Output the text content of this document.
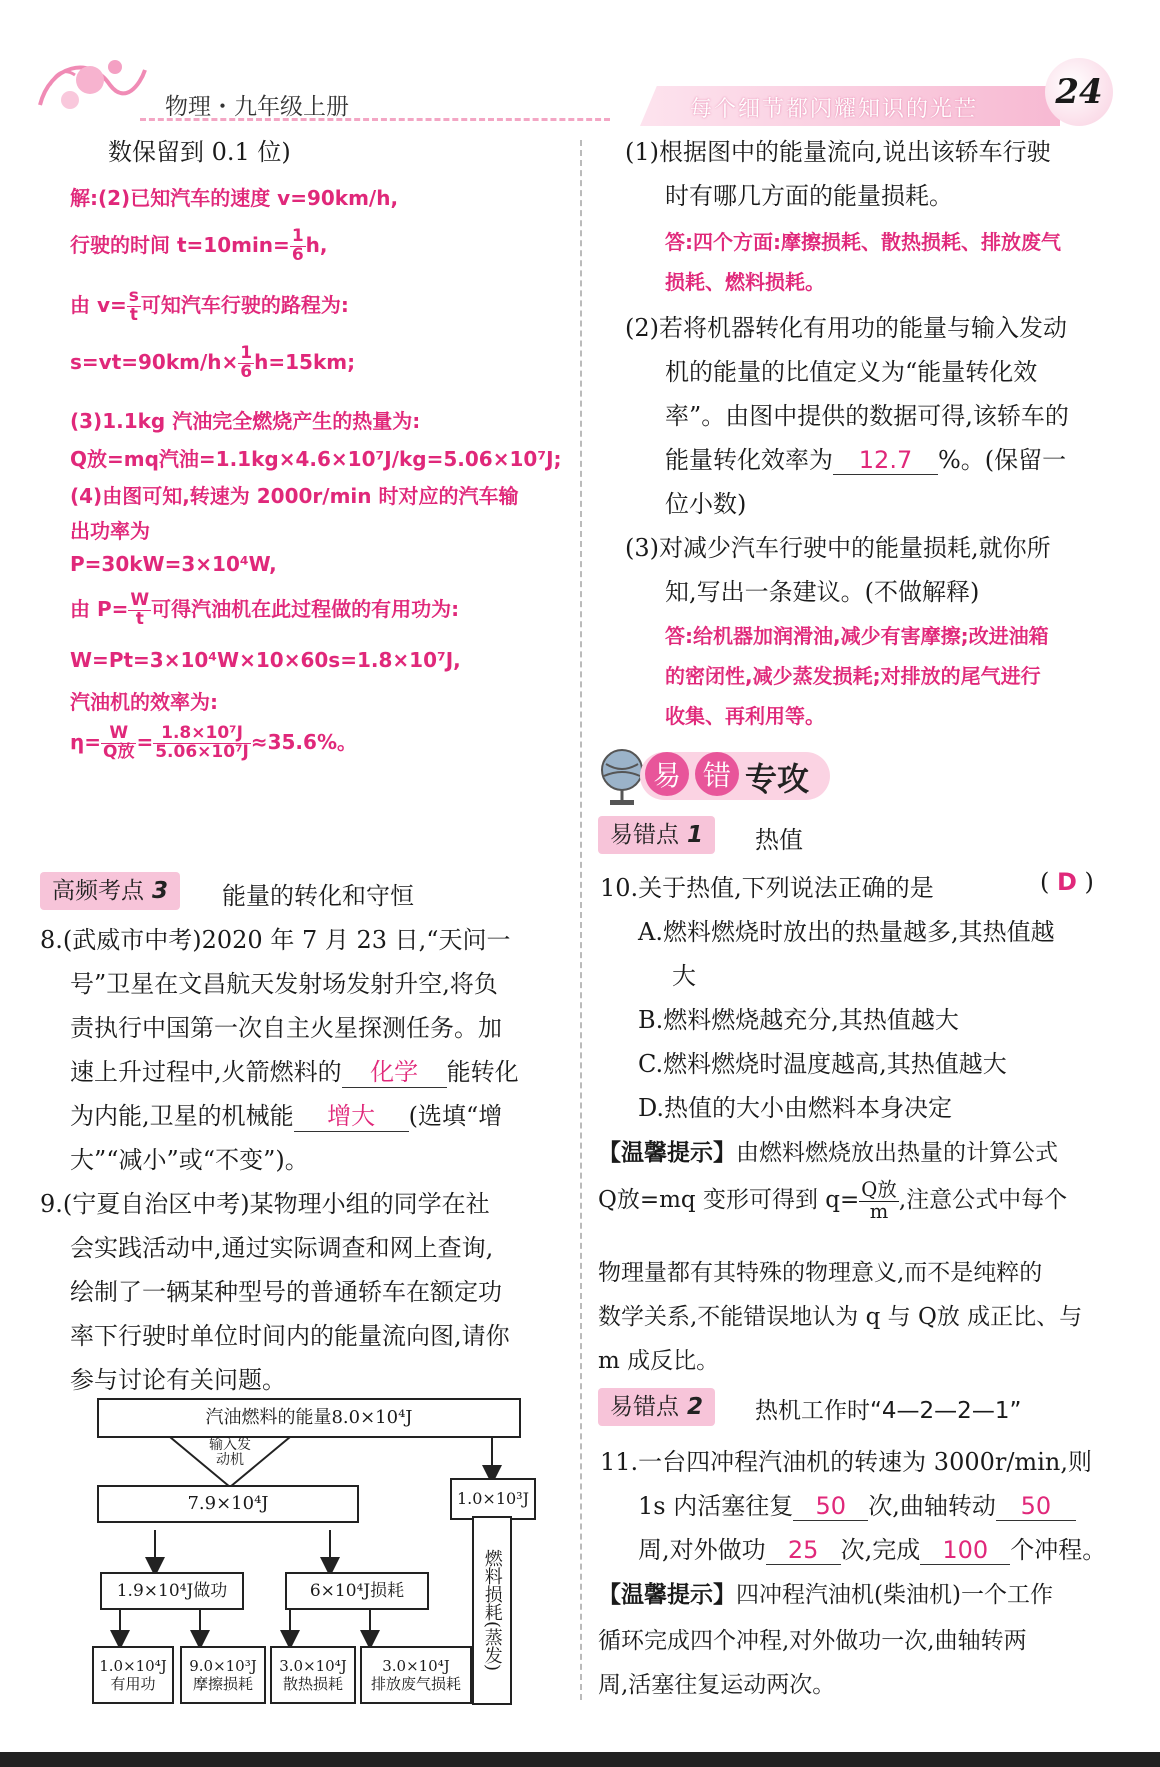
物理・九年级上册	每个细节都闪耀知识的光芒	24
数保留到 0.1 位)
解:(2)已知汽车的速度 v=90km/h,
行驶的时间 $t=10\min= \frac{1}{6} h$,
由 $v= \frac{s}{t}$ 可知汽车行驶的路程为:
$s=vt=90km/h\times \frac{1}{6} h=15km$;
(3)1.1kg 汽油完全燃烧产生的热量为:
Q放=mq汽油=1.1kg×4.6×10⁷J/kg=5.06×10⁷J;
(4)由图可知,转速为 2000r/min 时对应的汽车输
出功率为
P=30kW=3×10⁴W,
由 $P= \frac{W}{t}$ 可得汽油机在此过程做的有用功为:
W=Pt=3×10⁴W×10×60s=1.8×10⁷J,
汽油机的效率为:
$\eta= \frac{W}{\text{Q放}} = \frac{\text{1.8×10⁷J}}{\text{5.06×10⁷J}} \approx 35.6\%$。
高频考点 3	能量的转化和守恒
8.(武威市中考)2020 年 7 月 23 日,“天问一
号”卫星在文昌航天发射场发射升空,将负
责执行中国第一次自主火星探测任务。加
速上升过程中,火箭燃料的 化学 能转化
为内能,卫星的机械能 增大 (选填“增
大”“减小”或“不变”)。
9.(宁夏自治区中考)某物理小组的同学在社
会实践活动中,通过实际调查和网上查询,
绘制了一辆某种型号的普通轿车在额定功
率下行驶时单位时间内的能量流向图,请你
参与讨论有关问题。
汽油燃料的能量8.0×10⁴J
输入发动机
7.9×10⁴J	1.0×10³J
燃料损耗(蒸发)
1.9×10⁴J做功	6×10⁴J损耗
1.0×10⁴J
有用功
9.0×10³J
摩擦损耗
3.0×10⁴J
散热损耗
3.0×10⁴J
排放废气损耗
(1)根据图中的能量流向,说出该轿车行驶
时有哪几方面的能量损耗。
答:四个方面:摩擦损耗、散热损耗、排放废气
损耗、燃料损耗。
(2)若将机器转化有用功的能量与输入发动
机的能量的比值定义为“能量转化效
率”。由图中提供的数据可得,该轿车的
能量转化效率为 12.7 %。(保留一
位小数)
(3)对减少汽车行驶中的能量损耗,就你所
知,写出一条建议。(不做解释)
答:给机器加润滑油,减少有害摩擦;改进油箱
的密闭性,减少蒸发损耗;对排放的尾气进行
收集、再利用等。
易 错 专攻
易错点 1	热值
10.关于热值,下列说法正确的是	( D )
A.燃料燃烧时放出的热量越多,其热值越
大
B.燃料燃烧越充分,其热值越大
C.燃料燃烧时温度越高,其热值越大
D.热值的大小由燃料本身决定
【温馨提示】由燃料燃烧放出热量的计算公式
Q放=mq 变形可得到 $q= \frac{\text{Q放}}{m}$ ,注意公式中每个
物理量都有其特殊的物理意义,而不是纯粹的
数学关系,不能错误地认为 q 与 Q放 成正比、与
m 成反比。
易错点 2	热机工作时“4—2—2—1”
11.一台四冲程汽油机的转速为 3000r/min,则
1s 内活塞往复 50 次,曲轴转动 50
周,对外做功 25 次,完成 100 个冲程。
【温馨提示】四冲程汽油机(柴油机)一个工作
循环完成四个冲程,对外做功一次,曲轴转两
周,活塞往复运动两次。
